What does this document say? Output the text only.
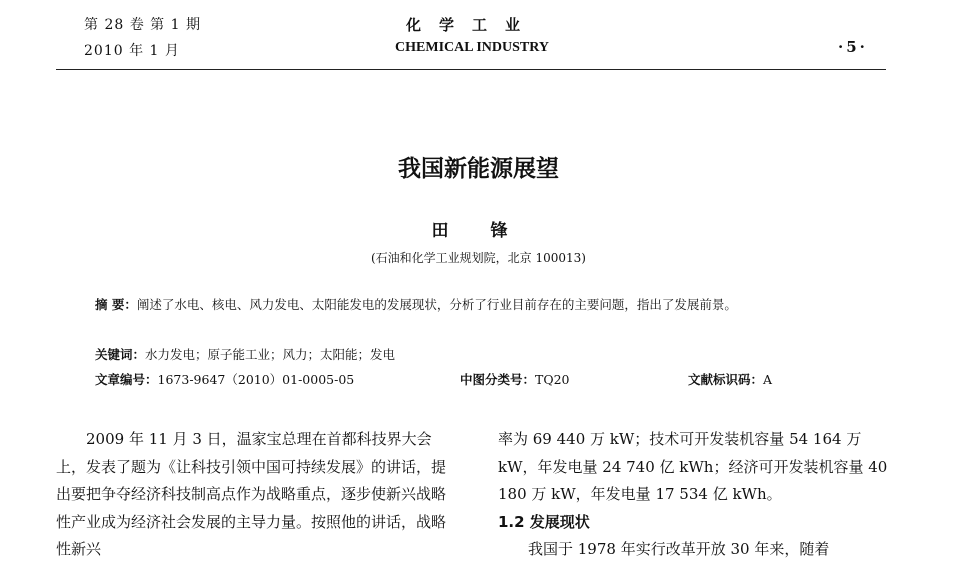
第 28 卷 第 1 期
2010 年 1 月
化学工业
CHEMICAL INDUSTRY	·5·
我国新能源展望
田 锋
(石油和化学工业规划院，北京 100013)
摘 要：阐述了水电、核电、风力发电、太阳能发电的发展现状，分析了行业目前存在的主要问题，指出了发展前景。
关键词：水力发电；原子能工业；风力；太阳能；发电
文章编号：1673-9647（2010）01-0005-05	中图分类号：TQ20	文献标识码：A

2009 年 11 月 3 日，温家宝总理在首都科技界大会上，发表了题为《让科技引领中国可持续发展》的讲话，提出要把争夺经济科技制高点作为战略重点，逐步使新兴战略性产业成为经济社会发展的主导力量。按照他的讲话，战略性新兴

率为 69 440 万 kW；技术可开发装机容量 54 164 万 kW，年发电量 24 740 亿 kWh；经济可开发装机容量 40 180 万 kW，年发电量 17 534 亿 kWh。

1.2 发展现状

我国于 1978 年实行改革开放 30 年来，随着
